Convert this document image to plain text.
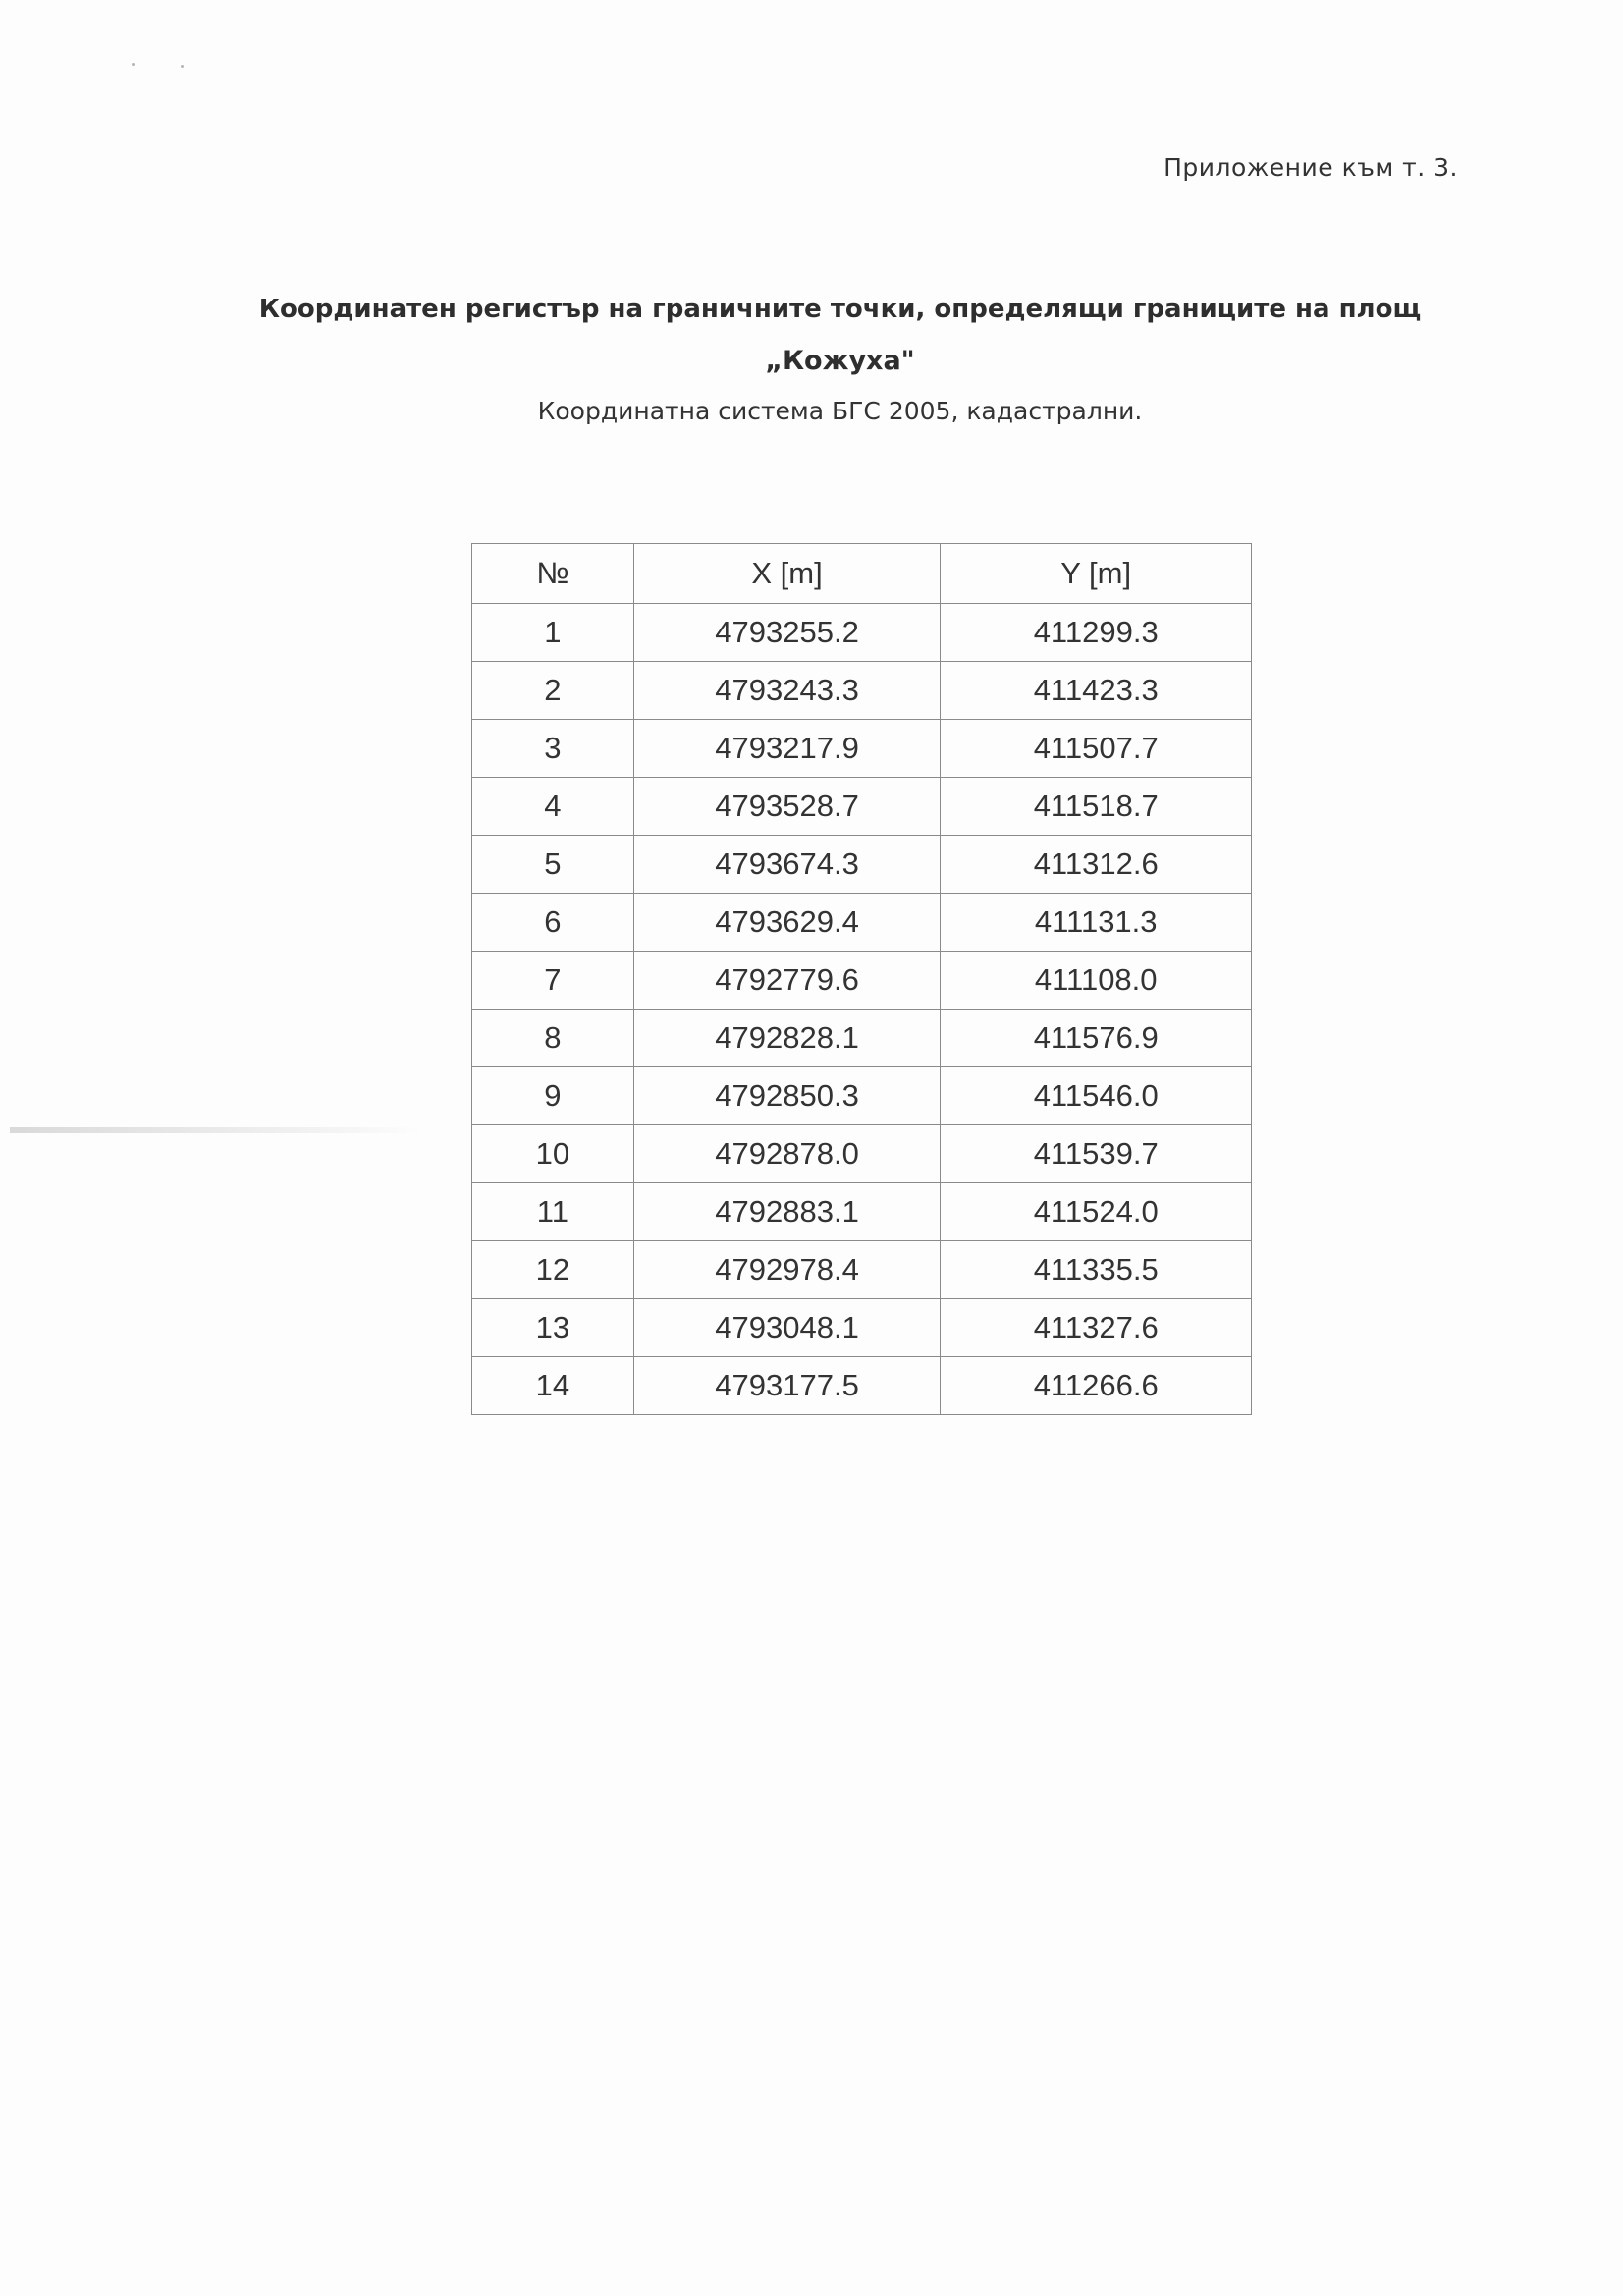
Приложение към т. 3.
Координатен регистър на граничните точки, определящи границите на площ
„Кожуха"
Координатна система БГС 2005, кадастрални.
№	X [m]	Y [m]
1	4793255.2	411299.3
2	4793243.3	411423.3
3	4793217.9	411507.7
4	4793528.7	411518.7
5	4793674.3	411312.6
6	4793629.4	411131.3
7	4792779.6	411108.0
8	4792828.1	411576.9
9	4792850.3	411546.0
10	4792878.0	411539.7
11	4792883.1	411524.0
12	4792978.4	411335.5
13	4793048.1	411327.6
14	4793177.5	411266.6
